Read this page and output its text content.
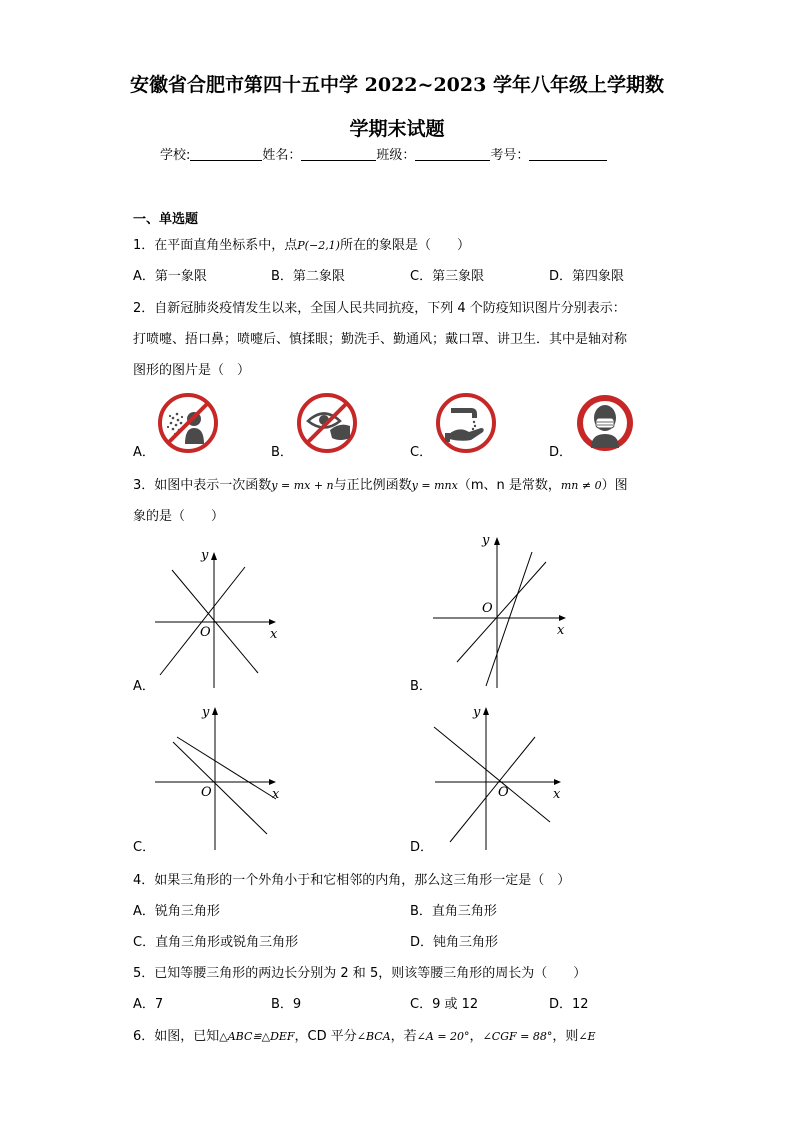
安徽省合肥市第四十五中学 2022~2023 学年八年级上学期数
学期末试题
学校:	姓名：	班级：	考号：
一、单选题
1．在平面直角坐标系中，点P(−2,1)所在的象限是（　　）
A．第一象限	B．第二象限	C．第三象限	D．第四象限
2．自新冠肺炎疫情发生以来，全国人民共同抗疫，下列 4 个防疫知识图片分别表示：
打喷嚏、捂口鼻；喷嚏后、慎揉眼；勤洗手、勤通风；戴口罩、讲卫生．其中是轴对称
图形的图片是（　）
A．	B．	C．	D．
3．如图中表示一次函数y = mx + n与正比例函数y = mnx（m、n 是常数，mn ≠ 0）图
象的是（　　）
x
y
O
A．
x
y
O
B．
x
y
O
C．
x
y
O
D．
4．如果三角形的一个外角小于和它相邻的内角，那么这三角形一定是（　）
A．锐角三角形	B．直角三角形
C．直角三角形或锐角三角形	D．钝角三角形
5．已知等腰三角形的两边长分别为 2 和 5，则该等腰三角形的周长为（　　）
A．7	B．9	C．9 或 12	D．12
6．如图，已知△ABC≌△DEF，CD 平分∠BCA，若∠A = 20°，∠CGF = 88°，则∠E
